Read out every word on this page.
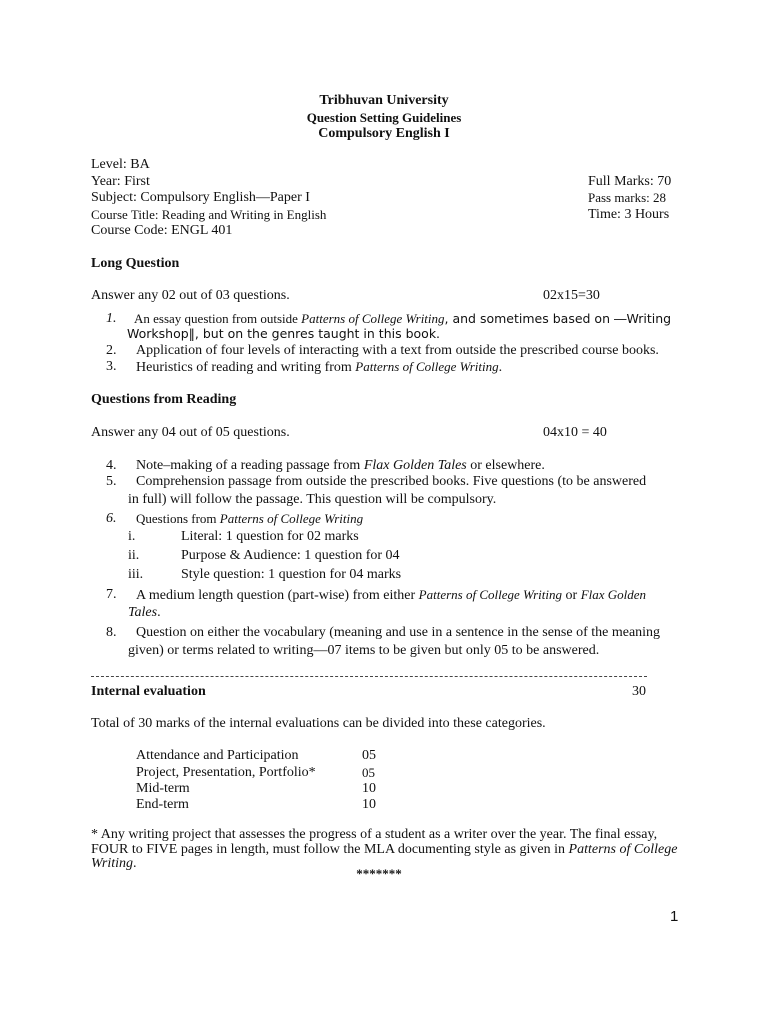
Tribhuvan University
Question Setting Guidelines
Compulsory English I
Level: BA
Year: First
Subject: Compulsory English—Paper I
Course Title: Reading and Writing in English
Course Code: ENGL 401
Full Marks: 70
Pass marks: 28
Time: 3 Hours
Long Question
Answer any 02 out of 03 questions.	02x15=30
1. An essay question from outside Patterns of College Writing, and sometimes based on ―Writing
Workshop‖, but on the genres taught in this book.
2. Application of four levels of interacting with a text from outside the prescribed course books.
3. Heuristics of reading and writing from Patterns of College Writing.
Questions from Reading
Answer any 04 out of 05 questions.	04x10 = 40
4. Note–making of a reading passage from Flax Golden Tales or elsewhere.
5. Comprehension passage from outside the prescribed books. Five questions (to be answered
in full) will follow the passage. This question will be compulsory.
6. Questions from Patterns of College Writing
i.	Literal: 1 question for 02 marks
ii.	Purpose & Audience: 1 question for 04
iii.	Style question: 1 question for 04 marks
7. A medium length question (part-wise) from either Patterns of College Writing or Flax Golden
Tales.
8. Question on either the vocabulary (meaning and use in a sentence in the sense of the meaning
given) or terms related to writing—07 items to be given but only 05 to be answered.
Internal evaluation	30
Total of 30 marks of the internal evaluations can be divided into these categories.
Attendance and Participation	05
Project, Presentation, Portfolio*	05
Mid-term	10
End-term	10
* Any writing project that assesses the progress of a student as a writer over the year. The final essay,
FOUR to FIVE pages in length, must follow the MLA documenting style as given in Patterns of College
Writing.
*******
1
